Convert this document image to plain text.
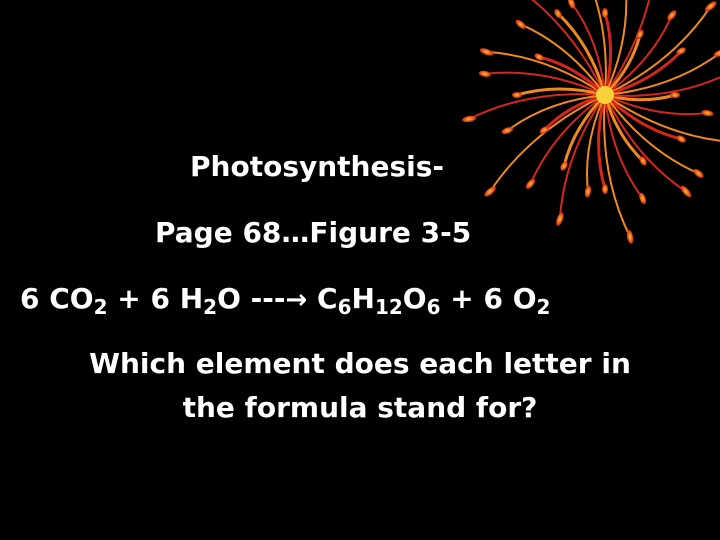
Photosynthesis-
Page 68…Figure 3-5
6 $CO_2 + 6$ $H_2O$ ---→ $C_6H_{12}O_6 + 6$ $O_2$
Which element does each letter in
the formula stand for?
